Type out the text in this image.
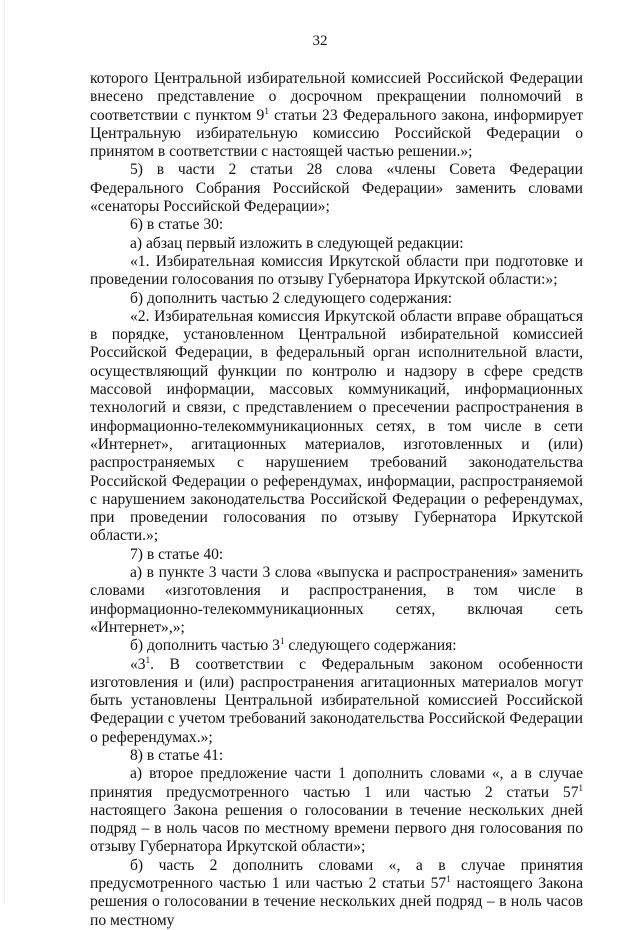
32

которого Центральной избирательной комиссией Российской Федерации внесено представление о досрочном прекращении полномочий в соответствии с пунктом $9^1$ статьи 23 Федерального закона, информирует Центральную избирательную комиссию Российской Федерации о принятом в соответствии с настоящей частью решении.»;

5) в части 2 статьи 28 слова «члены Совета Федерации Федерального Собрания Российской Федерации» заменить словами «сенаторы Российской Федерации»;

6) в статье 30:

а) абзац первый изложить в следующей редакции:

«1. Избирательная комиссия Иркутской области при подготовке и проведении голосования по отзыву Губернатора Иркутской области:»;

б) дополнить частью 2 следующего содержания:

«2. Избирательная комиссия Иркутской области вправе обращаться в порядке, установленном Центральной избирательной комиссией Российской Федерации, в федеральный орган исполнительной власти, осуществляющий функции по контролю и надзору в сфере средств массовой информации, массовых коммуникаций, информационных технологий и связи, с представлением о пресечении распространения в информационно-телекоммуникационных сетях, в том числе в сети «Интернет», агитационных материалов, изготовленных и (или) распространяемых с нарушением требований законодательства Российской Федерации о референдумах, информации, распространяемой с нарушением законодательства Российской Федерации о референдумах, при проведении голосования по отзыву Губернатора Иркутской области.»;

7) в статье 40:

а) в пункте 3 части 3 слова «выпуска и распространения» заменить словами «изготовления и распространения, в том числе в информационно-телекоммуникационных сетях, включая сеть «Интернет»,»;

б) дополнить частью $3^1$ следующего содержания:

«$3^1$. В соответствии с Федеральным законом особенности изготовления и (или) распространения агитационных материалов могут быть установлены Центральной избирательной комиссией Российской Федерации с учетом требований законодательства Российской Федерации о референдумах.»;

8) в статье 41:

а) второе предложение части 1 дополнить словами «, а в случае принятия предусмотренного частью 1 или частью 2 статьи $57^1$ настоящего Закона решения о голосовании в течение нескольких дней подряд – в ноль часов по местному времени первого дня голосования по отзыву Губернатора Иркутской области»;

б) часть 2 дополнить словами «, а в случае принятия предусмотренного частью 1 или частью 2 статьи $57^1$ настоящего Закона решения о голосовании в течение нескольких дней подряд – в ноль часов по местному
